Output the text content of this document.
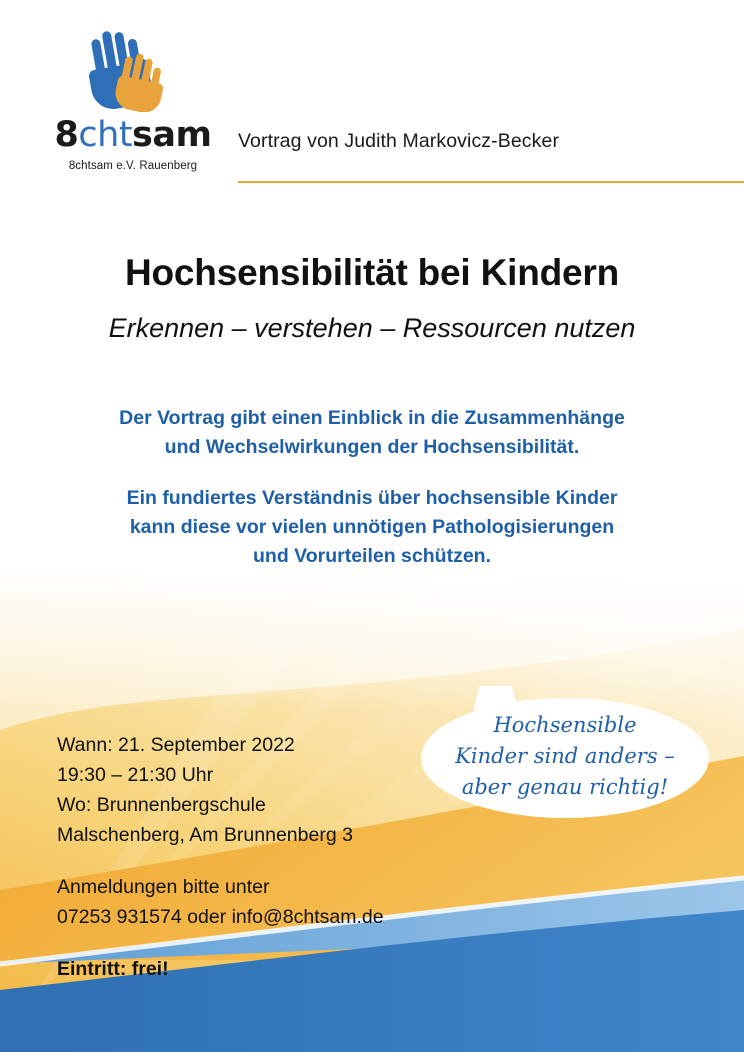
8chtsam
8chtsam e.V. Rauenberg
Vortrag von Judith Markovicz-Becker
Hochsensibilität bei Kindern
Erkennen – verstehen – Ressourcen nutzen

Der Vortrag gibt einen Einblick in die Zusammenhänge
und Wechselwirkungen der Hochsensibilität.

Ein fundiertes Verständnis über hochsensible Kinder
kann diese vor vielen unnötigen Pathologisierungen
und Vorurteilen schützen.

Wann: 21. September 2022

19:30 – 21:30 Uhr

Wo: Brunnenbergschule

Malschenberg, Am Brunnenberg 3

Anmeldungen bitte unter

07253 931574 oder info@8chtsam.de

Eintritt: frei!

Hochsensible
Kinder sind anders –
aber genau richtig!
